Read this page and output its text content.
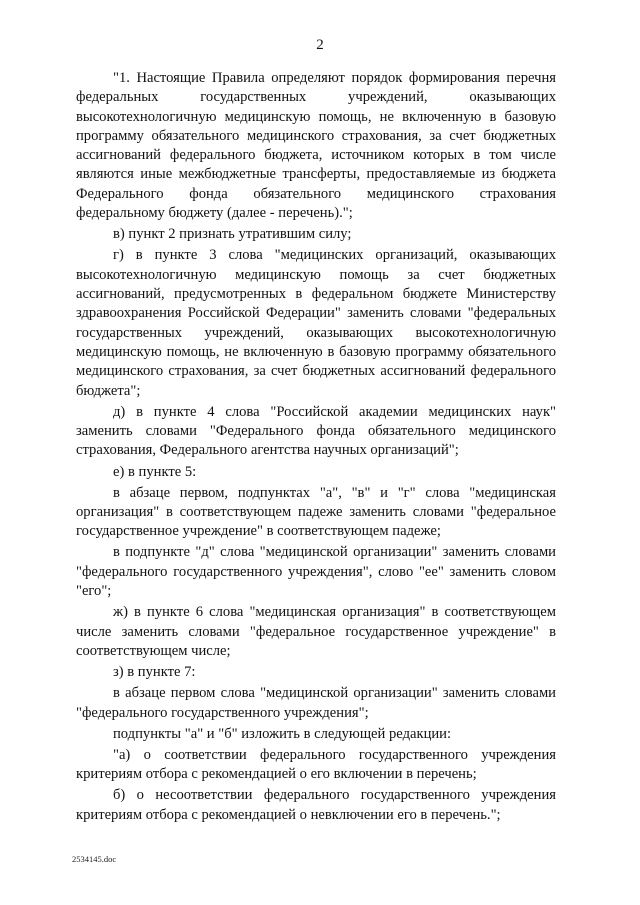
2

"1. Настоящие Правила определяют порядок формирования перечня федеральных государственных учреждений, оказывающих высокотехнологичную медицинскую помощь, не включенную в базовую программу обязательного медицинского страхования, за счет бюджетных ассигнований федерального бюджета, источником которых в том числе являются иные межбюджетные трансферты, предоставляемые из бюджета Федерального фонда обязательного медицинского страхования федеральному бюджету (далее - перечень).";

в) пункт 2 признать утратившим силу;

г) в пункте 3 слова "медицинских организаций, оказывающих высокотехнологичную медицинскую помощь за счет бюджетных ассигнований, предусмотренных в федеральном бюджете Министерству здравоохранения Российской Федерации" заменить словами "федеральных государственных учреждений, оказывающих высокотехнологичную медицинскую помощь, не включенную в базовую программу обязательного медицинского страхования, за счет бюджетных ассигнований федерального бюджета";

д) в пункте 4 слова "Российской академии медицинских наук" заменить словами "Федерального фонда обязательного медицинского страхования, Федерального агентства научных организаций";

е) в пункте 5:

в абзаце первом, подпунктах "а", "в" и "г" слова "медицинская организация" в соответствующем падеже заменить словами "федеральное государственное учреждение" в соответствующем падеже;

в подпункте "д" слова "медицинской организации" заменить словами "федерального государственного учреждения", слово "ее" заменить словом "его";

ж) в пункте 6 слова "медицинская организация" в соответствующем числе заменить словами "федеральное государственное учреждение" в соответствующем числе;

з) в пункте 7:

в абзаце первом слова "медицинской организации" заменить словами "федерального государственного учреждения";

подпункты "а" и "б" изложить в следующей редакции:

"а) о соответствии федерального государственного учреждения критериям отбора с рекомендацией о его включении в перечень;

б) о несоответствии федерального государственного учреждения критериям отбора с рекомендацией о невключении его в перечень.";

2534145.doc
